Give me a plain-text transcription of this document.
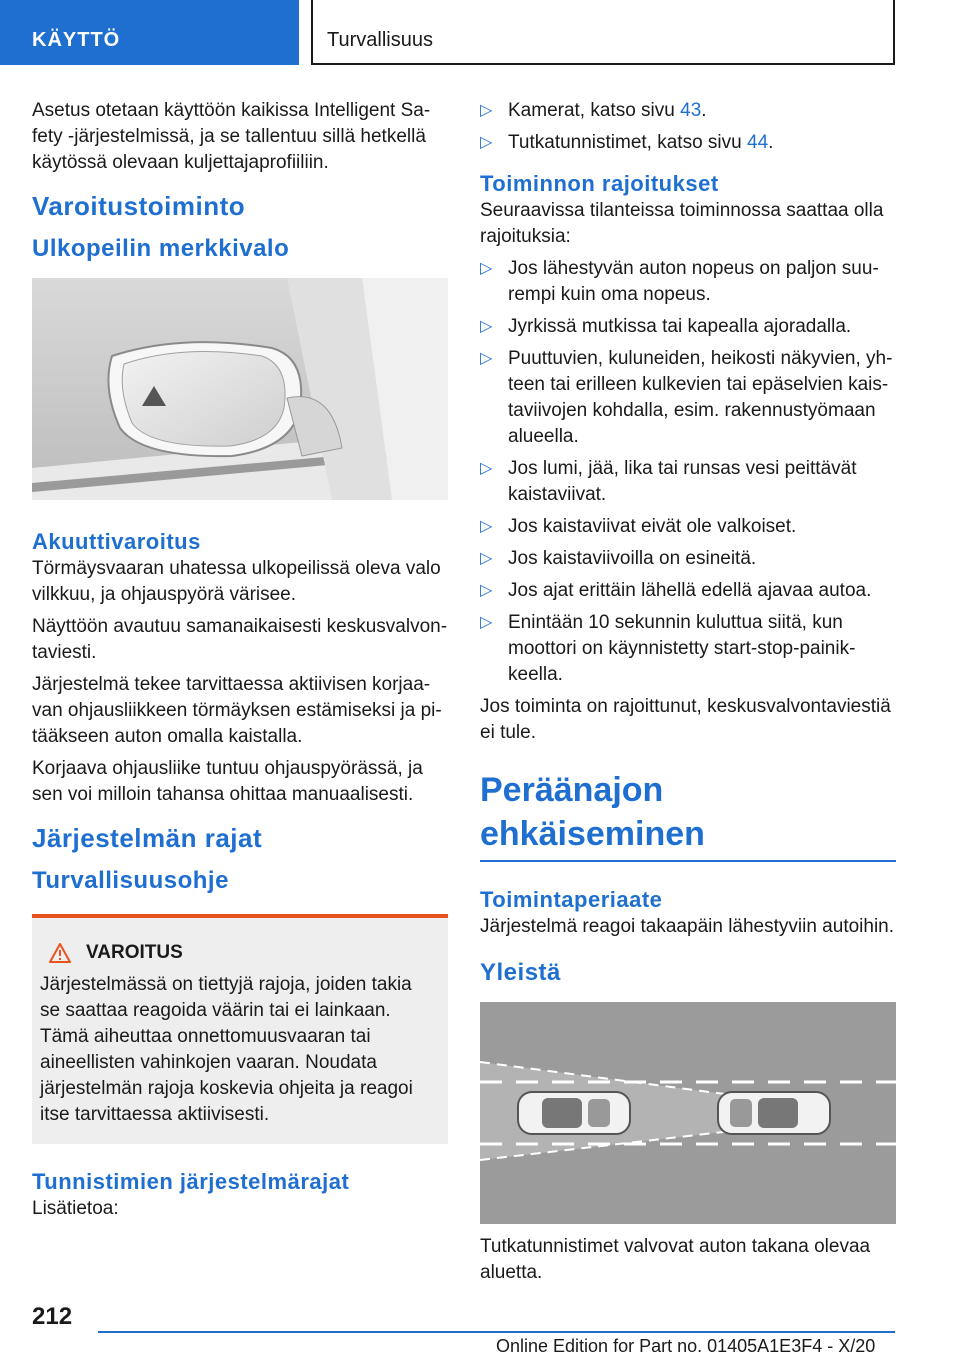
KÄYTTÖ	Turvallisuus

Asetus otetaan käyttöön kaikissa Intelligent Safety -järjestelmissä, ja se tallentuu sillä hetkellä käytössä olevaan kuljettajaprofiiliin.

Varoitustoiminto
Ulkopeilin merkkivalo
Akuuttivaroitus

Törmäysvaaran uhatessa ulkopeilissä oleva valo vilkkuu, ja ohjauspyörä värisee.

Näyttöön avautuu samanaikaisesti keskusvalvontaviesti.

Järjestelmä tekee tarvittaessa aktiivisen korjaavan ohjausliikkeen törmäyksen estämiseksi ja pitääkseen auton omalla kaistalla.

Korjaava ohjausliike tuntuu ohjauspyörässä, ja sen voi milloin tahansa ohittaa manuaalisesti.

Järjestelmän rajat
Turvallisuusohje
VAROITUS

Järjestelmässä on tiettyjä rajoja, joiden takia se saattaa reagoida väärin tai ei lainkaan. Tämä aiheuttaa onnettomuusvaaran tai aineellisten vahinkojen vaaran. Noudata järjestelmän rajoja koskevia ohjeita ja reagoi itse tarvittaessa aktiivisesti.

Tunnistimien järjestelmärajat

Lisätietoa:

▷ Kamerat, katso sivu 43.
▷ Tutkatunnistimet, katso sivu 44.
Toiminnon rajoitukset

Seuraavissa tilanteissa toiminnossa saattaa olla rajoituksia:

▷ Jos lähestyvän auton nopeus on paljon suurempi kuin oma nopeus.
▷ Jyrkissä mutkissa tai kapealla ajoradalla.
▷ Puuttuvien, kuluneiden, heikosti näkyvien, yhteen tai erilleen kulkevien tai epäselvien kaistaviivojen kohdalla, esim. rakennustyömaan alueella.
▷ Jos lumi, jää, lika tai runsas vesi peittävät kaistaviivat.
▷ Jos kaistaviivat eivät ole valkoiset.
▷ Jos kaistaviivoilla on esineitä.
▷ Jos ajat erittäin lähellä edellä ajavaa autoa.
▷ Enintään 10 sekunnin kuluttua siitä, kun moottori on käynnistetty start-stop-painikkeella.

Jos toiminta on rajoittunut, keskusvalvontaviestiä ei tule.

Peräänajon ehkäiseminen
Toimintaperiaate

Järjestelmä reagoi takaapäin lähestyviin autoihin.

Yleistä

Tutkatunnistimet valvovat auton takana olevaa aluetta.

212
Online Edition for Part no. 01405A1E3F4 - X/20
